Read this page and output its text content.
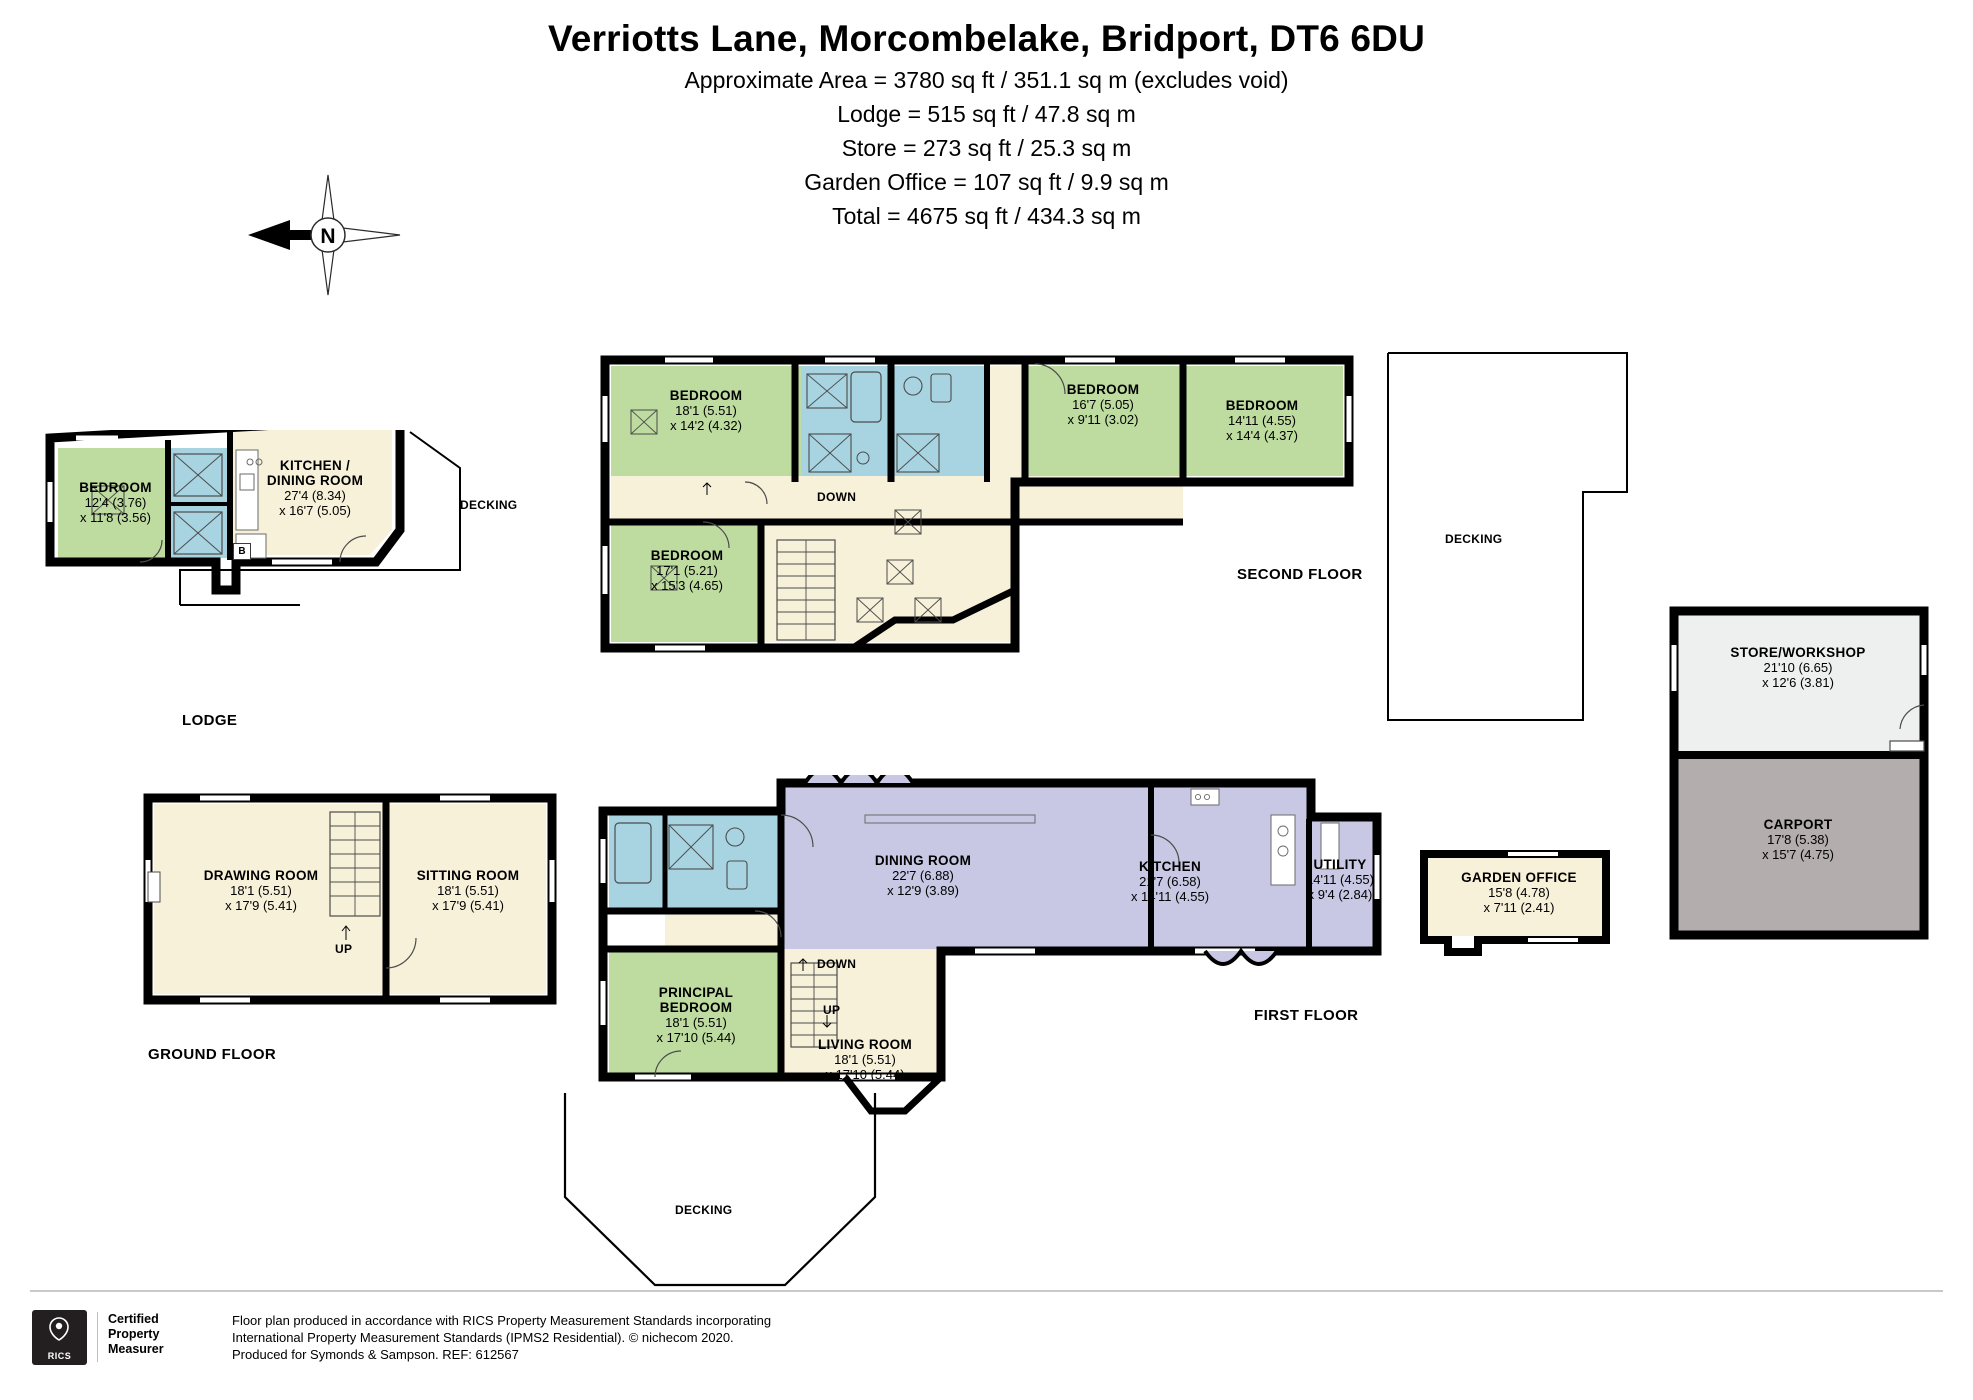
Verriotts Lane, Morcombelake, Bridport, DT6 6DU
Approximate Area = 3780 sq ft / 351.1 sq m (excludes void)
Lodge = 515 sq ft / 47.8 sq m
Store = 273 sq ft / 25.3 sq m
Garden Office = 107 sq ft / 9.9 sq m
Total = 4675 sq ft / 434.3 sq m
N
B
BEDROOM
12'4 (3.76)
x 11'8 (3.56)
KITCHEN /
DINING ROOM
27'4 (8.34)
x 16'7 (5.05)	DECKING
LODGE
BEDROOM
18'1 (5.51)
x 14'2 (4.32)
BEDROOM
16'7 (5.05)
x 9'11 (3.02)
BEDROOM
14'11 (4.55)
x 14'4 (4.37)
BEDROOM
17'1 (5.21)
x 15'3 (4.65)
DOWN
SECOND FLOOR
DECKING
STORE/WORKSHOP
21'10 (6.65)
x 12'6 (3.81)
CARPORT
17'8 (5.38)
x 15'7 (4.75)
DRAWING ROOM
18'1 (5.51)
x 17'9 (5.41)
SITTING ROOM
18'1 (5.51)
x 17'9 (5.41)
UP
GROUND FLOOR
DINING ROOM
22'7 (6.88)
x 12'9 (3.89)
KITCHEN
21'7 (6.58)
x 14'11 (4.55)
UTILITY
14'11 (4.55)
x 9'4 (2.84)
PRINCIPAL
BEDROOM
18'1 (5.51)
x 17'10 (5.44)	LIVING ROOM
18'1 (5.51)
x 17'10 (5.44)
DOWN
UP	FIRST FLOOR
DECKING
GARDEN OFFICE
15'8 (4.78)
x 7'11 (2.41)
RICS
Certified
Property
Measurer
Floor plan produced in accordance with RICS Property Measurement Standards incorporating
International Property Measurement Standards (IPMS2 Residential). © nichecom 2020.
Produced for Symonds & Sampson. REF: 612567
